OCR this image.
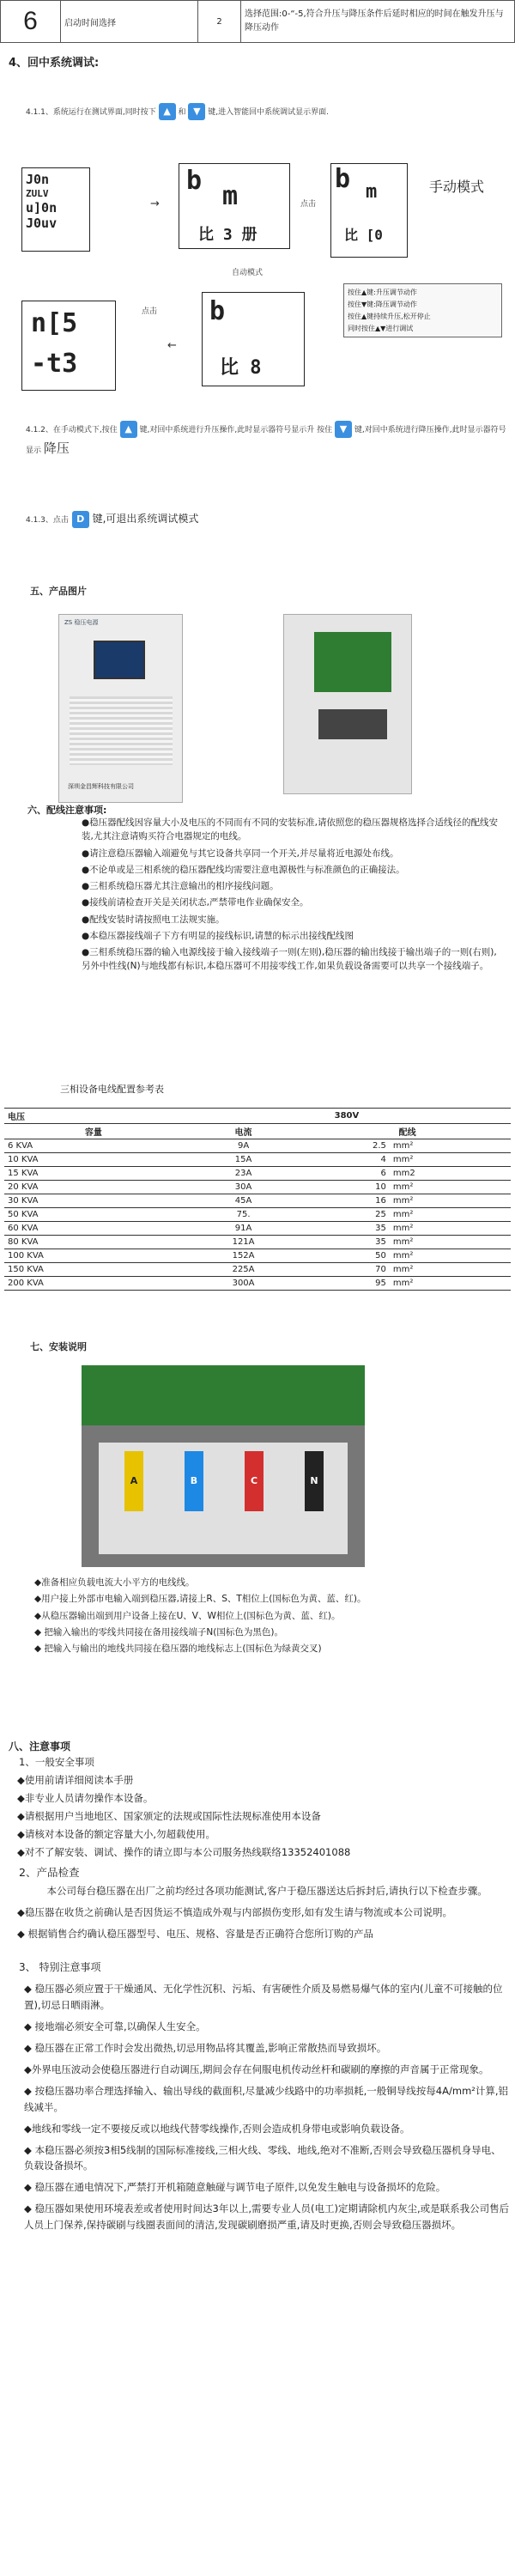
6	启动时间选择	2
选择范围:0-“-5,符合升压与降压条件后延时相应的时间在触发升压与降压动作
4、回中系统调试:
4.1.1、系统运行在测试界面,同时按下 ▲ 和 ▼ 键,进入智能回中系统调试显示界面.
J0n
ZULV
u]0n
J0uv
b
m
比 3 册
→
b m
比 [0
手动模式
点击
自动模式
按住▲键:升压调节动作
按住▼键:降压调节动作
按住▲键持续升压,松开停止
同时按住▲▼进行调试
n[5
-t3
b
比 8
点击
←
4.1.2、在手动模式下,按住 ▲ 键,对回中系统进行升压操作,此时显示器符号显示升 按住 ▼ 键,对回中系统进行降压操作,此时显示器符号显示 降压
4.1.3、点击 D 键,可退出系统调试模式
五、产品图片
ZS 稳压电源
深圳金昌辉科技有限公司
六、配线注意事项:
●稳压器配线因容量大小及电压的不同而有不同的安装标准,请依照您的稳压器规格选择合适线径的配线安装,尤其注意请购买符合电器规定的电线。
●请注意稳压器输入端避免与其它设备共享同一个开关,并尽量将近电源处布线。
●不论单或是三相系统的稳压器配线均需要注意电源极性与标准颜色的正确接法。
●三相系统稳压器尤其注意输出的相序接线问题。
●接线前请检查开关是关闭状态,严禁带电作业确保安全。
●配线安装时请按照电工法规实施。
●本稳压器接线端子下方有明显的接线标识,请慧的标示出接线配线图
●三相系统稳压器的输入电源线接于输入接线端子一则(左则),稳压器的输出线接于输出端子的一则(右则),另外中性线(N)与地线都有标识,本稳压器可不用接零线工作,如果负载设备需要可以共享一个接线端子。
三相设备电线配置参考表
电压	380V		
容量	电流	配线	
6 KVA	9A	2.5	mm²
10 KVA	15A	4	mm²
15 KVA	23A	6	mm2
20 KVA	30A	10	mm²
30 KVA	45A	16	mm²
50 KVA	75.	25	mm²
60 KVA	91A	35	mm²
80 KVA	121A	35	mm²
100 KVA	152A	50	mm²
150 KVA	225A	70	mm²
200 KVA	300A	95	mm²
七、安装说明
A	B	C	N
◆准备相应负载电流大小平方的电线线。
◆用户接上外部市电输入端到稳压器,请接上R、S、T相位上(国标色为黄、蓝、红)。
◆从稳压器输出端到用户设备上接在U、V、W相位上(国标色为黄、蓝、红)。
◆ 把输入输出的零线共同接在备用接线端子N(国标色为黑色)。
◆ 把输入与输出的地线共同接在稳压器的地线标志上(国标色为绿黄交叉)
八、注意事项
1、一般安全事项
◆使用前请详细阅读本手册
◆非专业人员请勿操作本设备。
◆请根据用户当地地区、国家颁定的法规或国际性法规标准使用本设备
◆请核对本设备的额定容量大小,勿超载使用。
◆对不了解安装、调试、操作的请立即与本公司服务热线联络13352401088
2、产品检查
本公司每台稳压器在出厂之前均经过各项功能测试,客户于稳压器送达后拆封后,请执行以下检查步骤。
◆稳压器在收货之前确认是否因货运不慎造成外观与内部损伤变形,如有发生请与物流或本公司说明。
◆ 根据销售合约确认稳压器型号、电压、规格、容量是否正确符合您所订购的产品
3、 特别注意事项
◆ 稳压器必须应置于干燥通风、无化学性沉积、污垢、有害硬性介质及易燃易爆气体的室内(儿童不可接触的位置),切忌日晒雨淋。
◆ 接地端必须安全可靠,以确保人生安全。
◆ 稳压器在正常工作时会发出微热,切忌用物品将其覆盖,影响正常散热而导致损坏。
◆外界电压波动会使稳压器进行自动调压,期间会存在伺服电机传动丝杆和碳刷的摩擦的声音属于正常现象。
◆ 按稳压器功率合理选择输入、输出导线的截面积,尽量减少线路中的功率损耗,一般铜导线按每4A/mm²计算,铝线减半。
◆地线和零线一定不要接反或以地线代替零线操作,否则会造成机身带电或影响负载设备。
◆ 本稳压器必须按3相5线制的国际标准接线,三相火线、零线、地线,绝对不准断,否则会导致稳压器机身导电、负载设备损坏。
◆ 稳压器在通电情况下,严禁打开机箱随意触碰与调节电子原件,以免发生触电与设备损坏的危险。
◆ 稳压器如果使用环境表差或者使用时间达3年以上,需要专业人员(电工)定期请除机内灰尘,或是联系我公司售后人员上门保养,保持碳刷与线圈表面间的清洁,发现碳刷磨损严重,请及时更换,否则会导致稳压器损坏。
